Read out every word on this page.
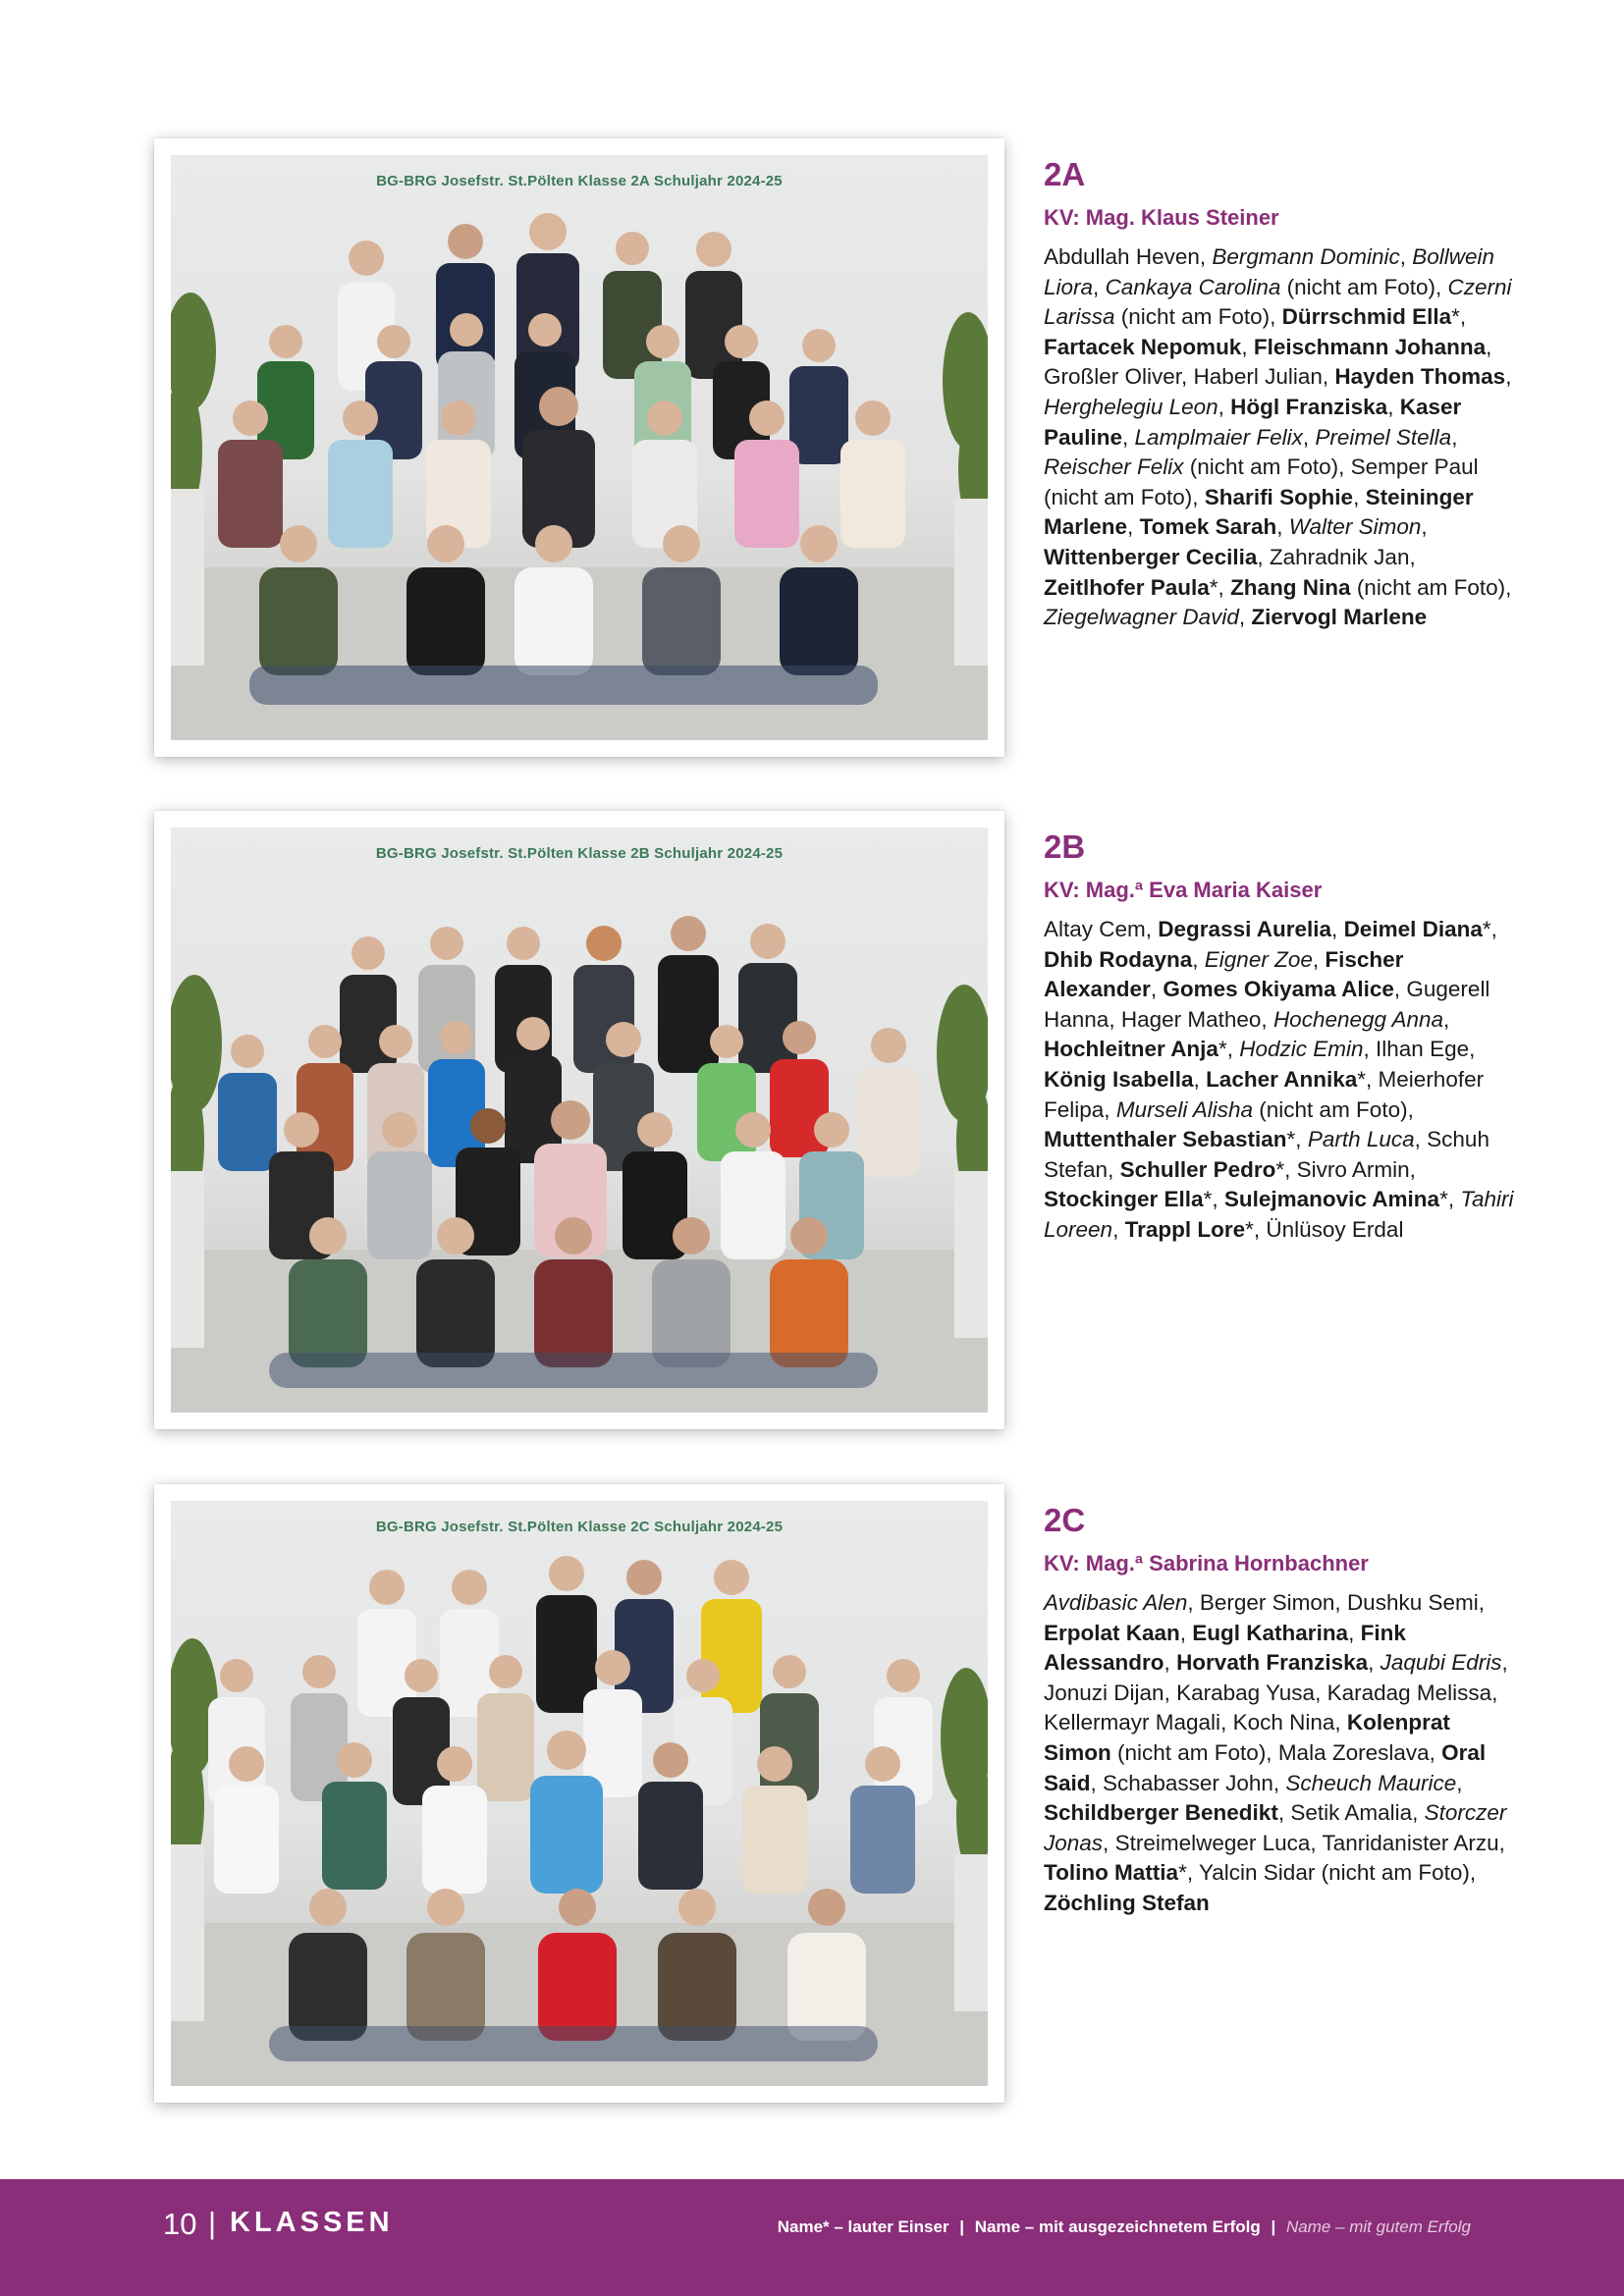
BG-BRG Josefstr. St.Pölten Klasse 2A Schuljahr 2024-25	2A
KV: Mag. Klaus Steiner
Abdullah Heven, Bergmann Dominic, Bollwein Liora, Cankaya Carolina (nicht am Foto), Czerni Larissa (nicht am Foto), Dürrschmid Ella*, Fartacek Nepomuk, Fleischmann Johanna, Großler Oliver, Haberl Julian, Hayden Thomas, Herghelegiu Leon, Högl Franziska, Kaser Pauline, Lamplmaier Felix, Preimel Stella, Reischer Felix (nicht am Foto), Semper Paul (nicht am Foto), Sharifi Sophie, Steininger Marlene, Tomek Sarah, Walter Simon, Wittenberger Cecilia, Zahradnik Jan, Zeitlhofer Paula*, Zhang Nina (nicht am Foto), Ziegelwagner David, Ziervogl Marlene
BG-BRG Josefstr. St.Pölten Klasse 2B Schuljahr 2024-25	2B
KV: Mag.ª Eva Maria Kaiser
Altay Cem, Degrassi Aurelia, Deimel Diana*, Dhib Rodayna, Eigner Zoe, Fischer Alexander, Gomes Okiyama Alice, Gugerell Hanna, Hager Matheo, Hochenegg Anna, Hochleitner Anja*, Hodzic Emin, Ilhan Ege, König Isabella, Lacher Annika*, Meierhofer Felipa, Murseli Alisha (nicht am Foto), Muttenthaler Sebastian*, Parth Luca, Schuh Stefan, Schuller Pedro*, Sivro Armin, Stockinger Ella*, Sulejmanovic Amina*, Tahiri Loreen, Trappl Lore*, Ünlüsoy Erdal
BG-BRG Josefstr. St.Pölten Klasse 2C Schuljahr 2024-25	2C
KV: Mag.ª Sabrina Hornbachner
Avdibasic Alen, Berger Simon, Dushku Semi, Erpolat Kaan, Eugl Katharina, Fink Alessandro, Horvath Franziska, Jaqubi Edris, Jonuzi Dijan, Karabag Yusa, Karadag Melissa, Kellermayr Magali, Koch Nina, Kolenprat Simon (nicht am Foto), Mala Zoreslava, Oral Said, Schabasser John, Scheuch Maurice, Schildberger Benedikt, Setik Amalia, Storczer Jonas, Streimelweger Luca, Tanridanister Arzu, Tolino Mattia*, Yalcin Sidar (nicht am Foto), Zöchling Stefan
10 | KLASSEN	Name* – lauter Einser | Name – mit ausgezeichnetem Erfolg | Name – mit gutem Erfolg
